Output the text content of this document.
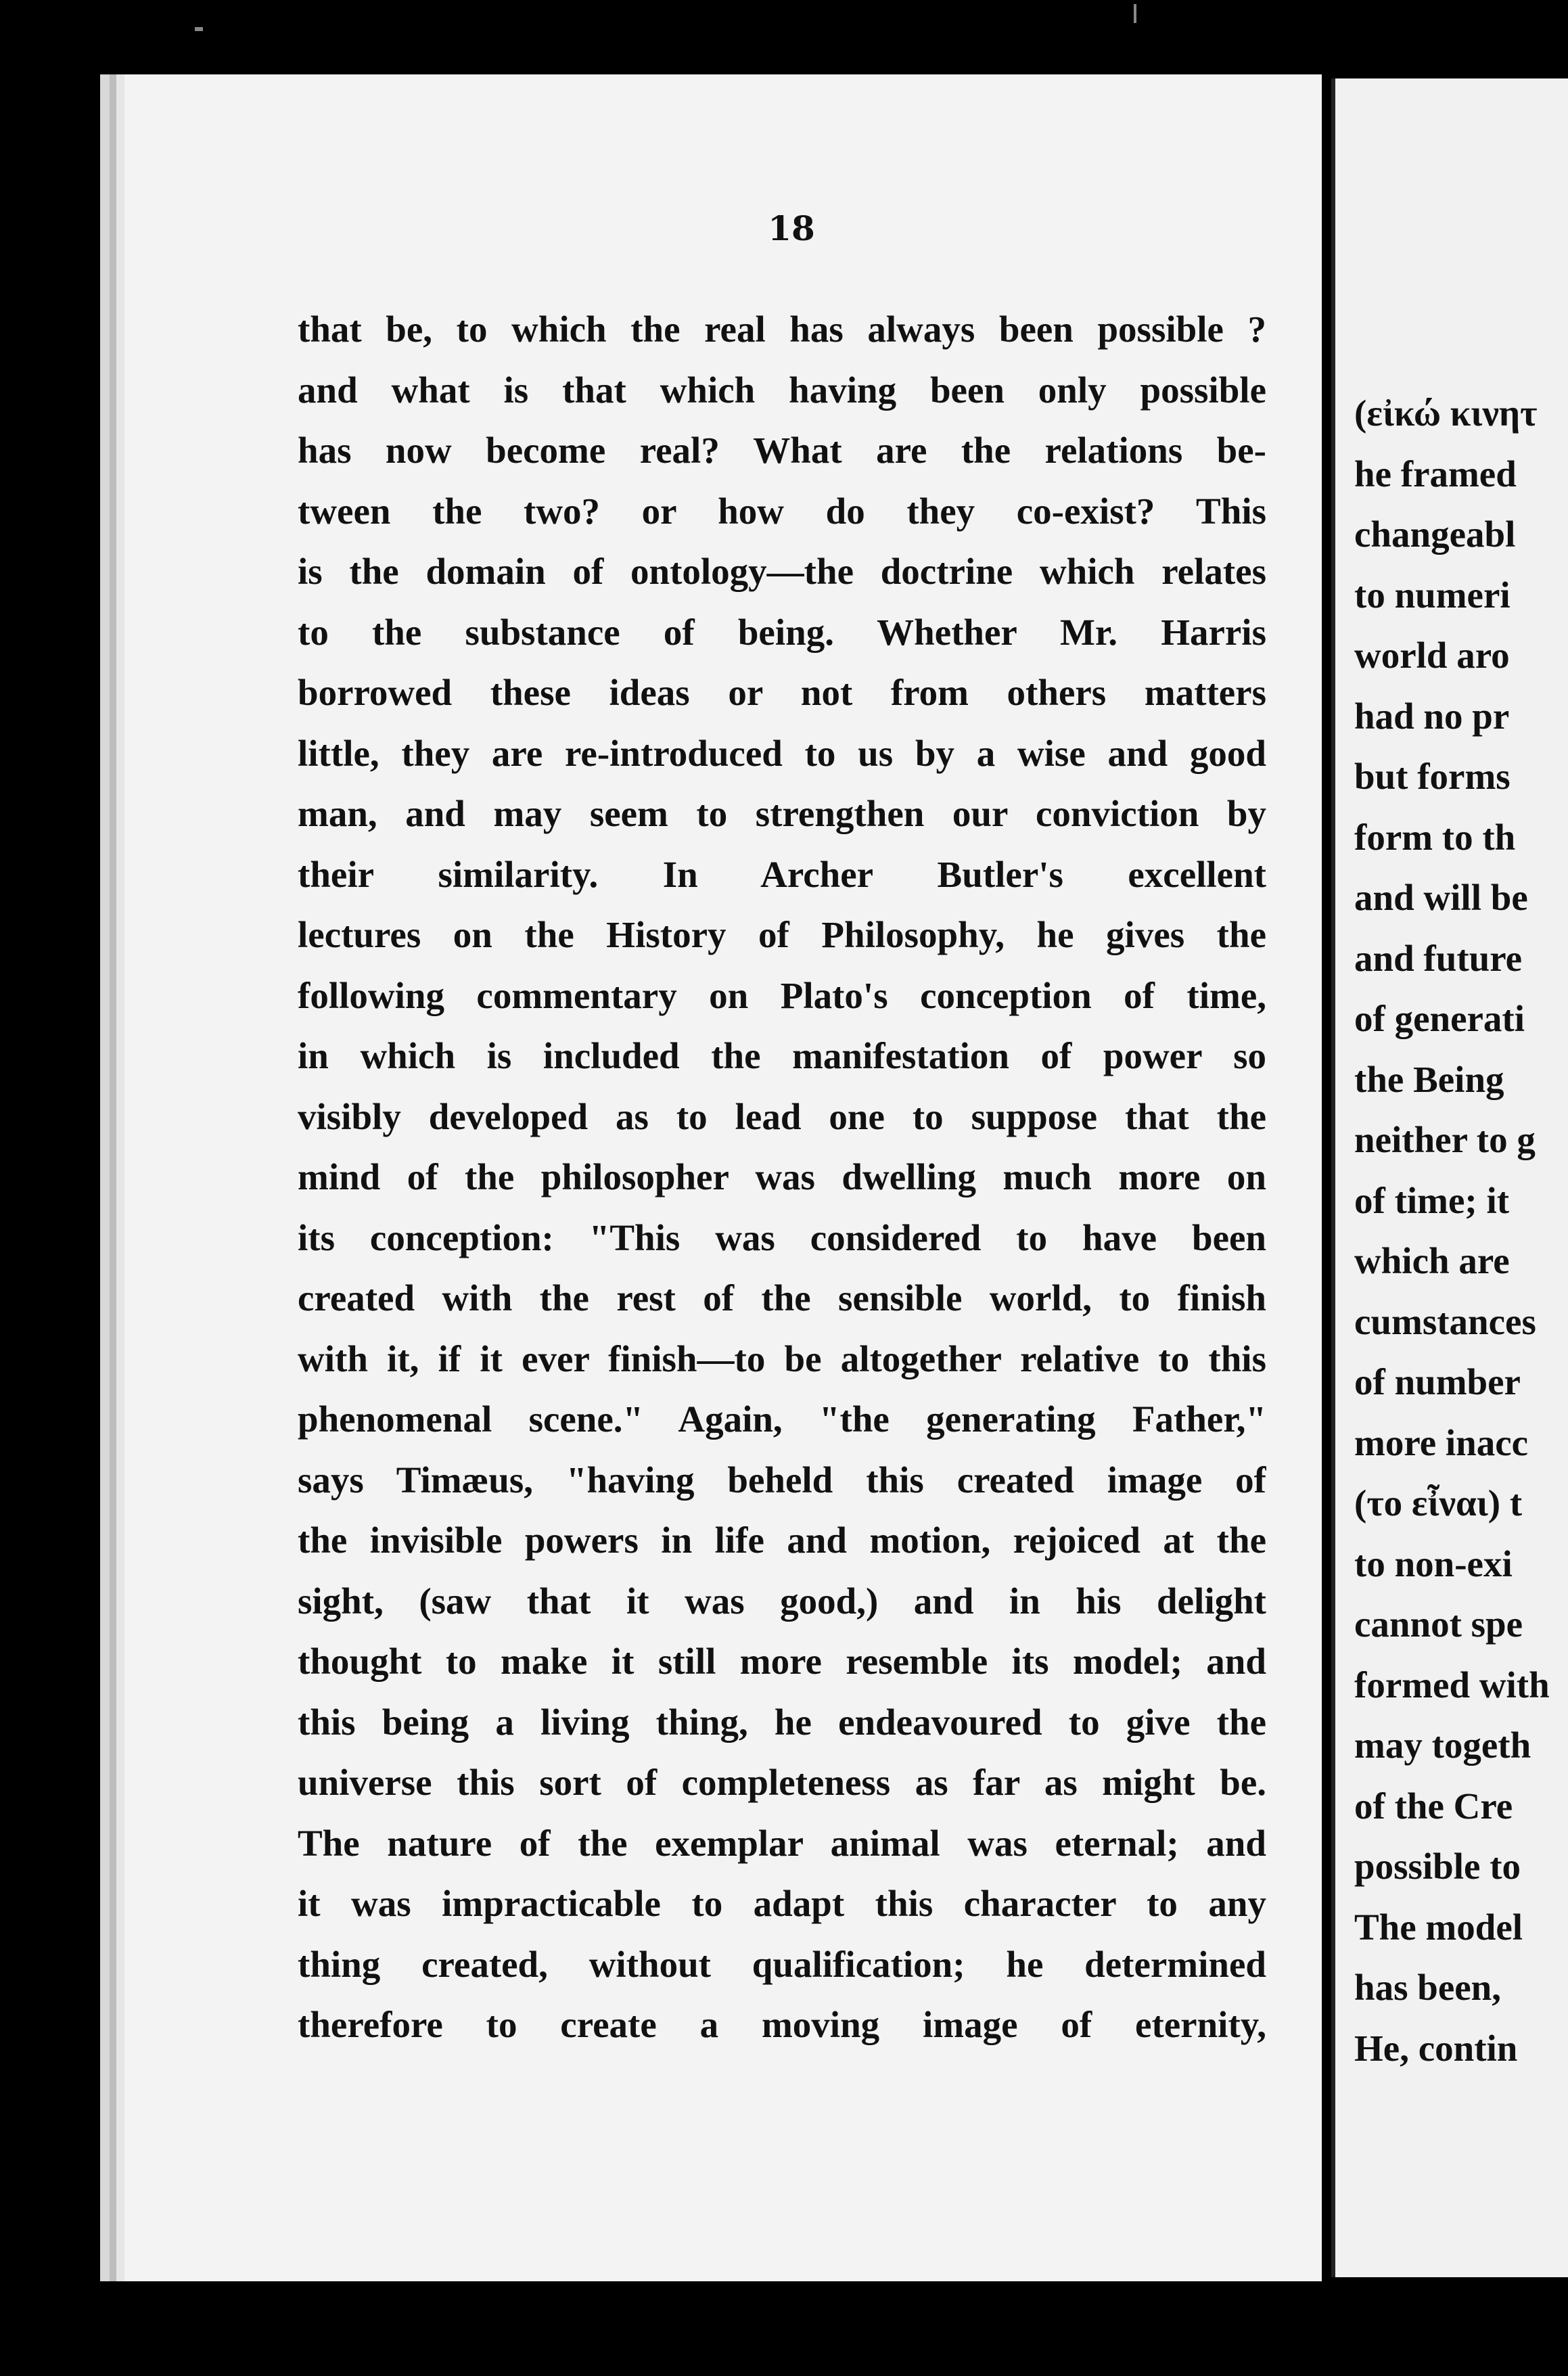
18
that be, to which the real has always been possible ?
and what is that which having been only possible
has now become real? What are the relations be-
tween the two? or how do they co-exist? This
is the domain of ontology—the doctrine which relates
to the substance of being. Whether Mr. Harris
borrowed these ideas or not from others matters
little, they are re-introduced to us by a wise and good
man, and may seem to strengthen our conviction by
their similarity. In Archer Butler's excellent
lectures on the History of Philosophy, he gives the
following commentary on Plato's conception of time,
in which is included the manifestation of power so
visibly developed as to lead one to suppose that the
mind of the philosopher was dwelling much more on
its conception: "This was considered to have been
created with the rest of the sensible world, to finish
with it, if it ever finish—to be altogether relative to this
phenomenal scene." Again, "the generating Father,"
says Timæus, "having beheld this created image of
the invisible powers in life and motion, rejoiced at the
sight, (saw that it was good,) and in his delight
thought to make it still more resemble its model; and
this being a living thing, he endeavoured to give the
universe this sort of completeness as far as might be.
The nature of the exemplar animal was eternal; and
it was impracticable to adapt this character to any
thing created, without qualification; he determined
therefore to create a moving image of eternity,
(εἰκώ κινητ
he framed
changeabl
to numeri
world aro
had no pr
but forms
form to th
and will be
and future
of generati
the Being
neither to g
of time; it
which are
cumstances
of number
more inacc
(το εἶναι) t
to non-exi
cannot spe
formed with
may togeth
of the Cre
possible to
The model
has been,
He, contin
